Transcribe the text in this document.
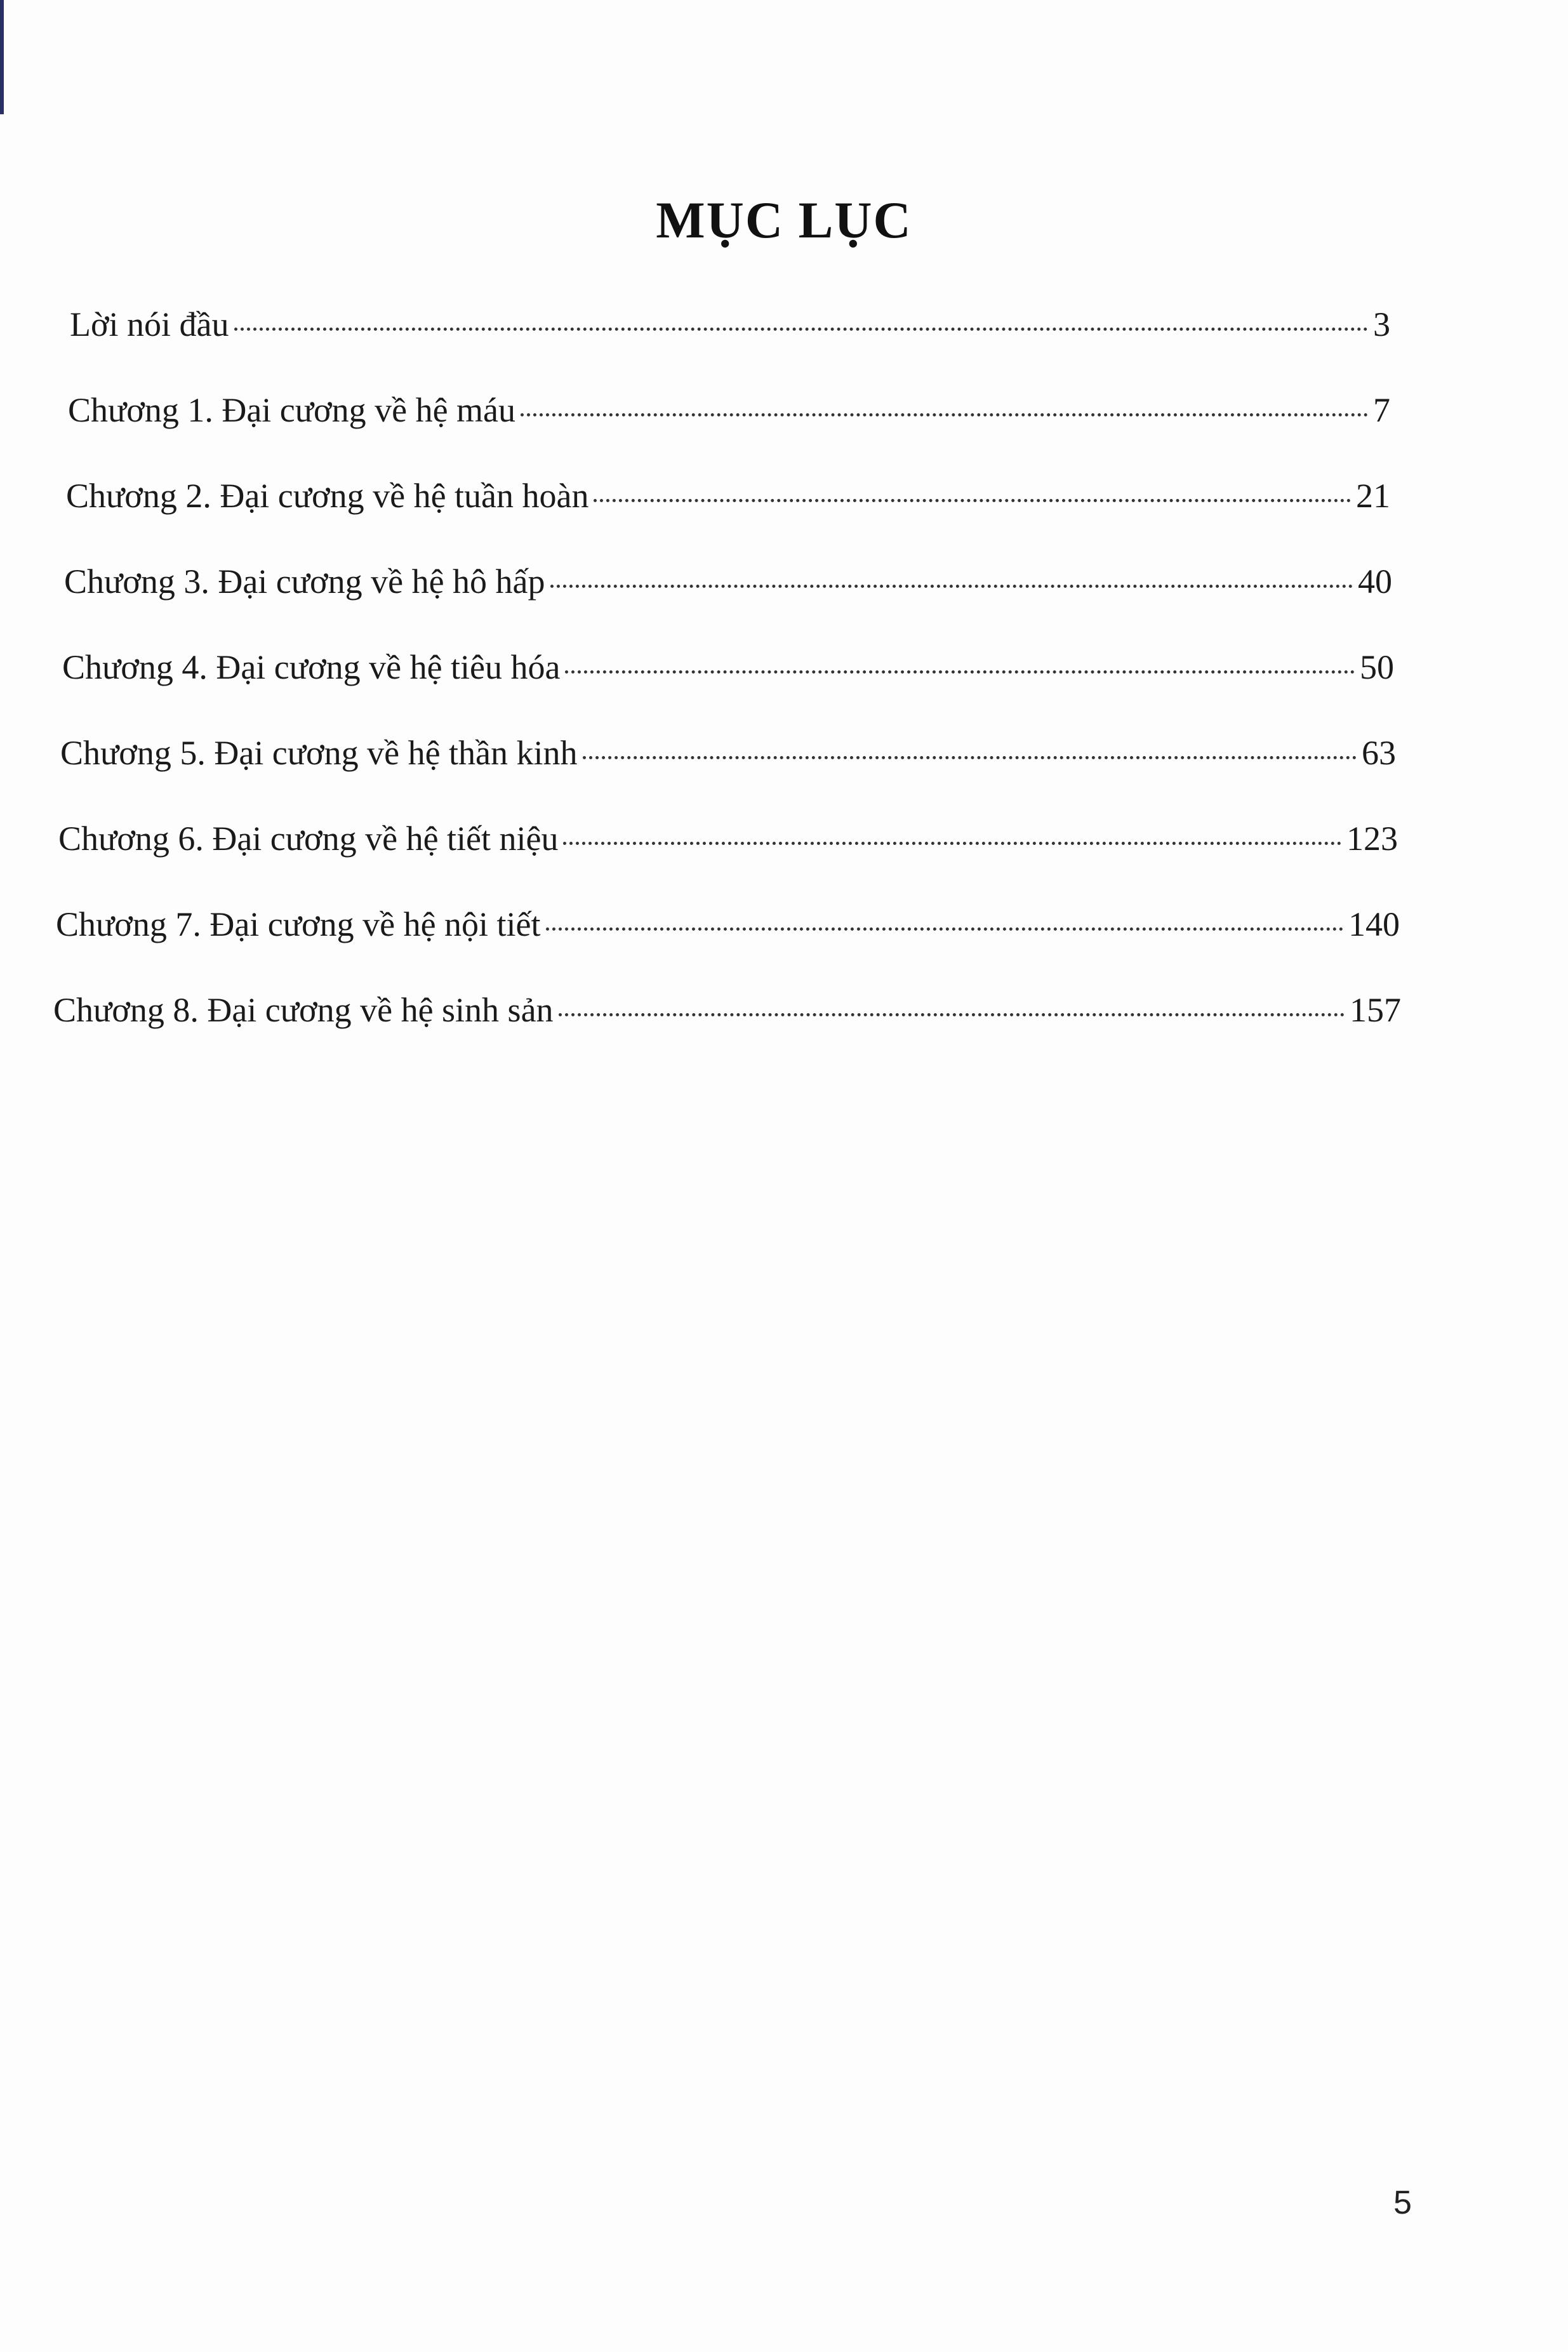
MỤC LỤC
Lời nói đầu	3
Chương 1. Đại cương về hệ máu	7
Chương 2. Đại cương về hệ tuần hoàn	21
Chương 3. Đại cương về hệ hô hấp	40
Chương 4. Đại cương về hệ tiêu hóa	50
Chương 5. Đại cương về hệ thần kinh	63
Chương 6. Đại cương về hệ tiết niệu	123
Chương 7. Đại cương về hệ nội tiết	140
Chương 8. Đại cương về hệ sinh sản	157
5
